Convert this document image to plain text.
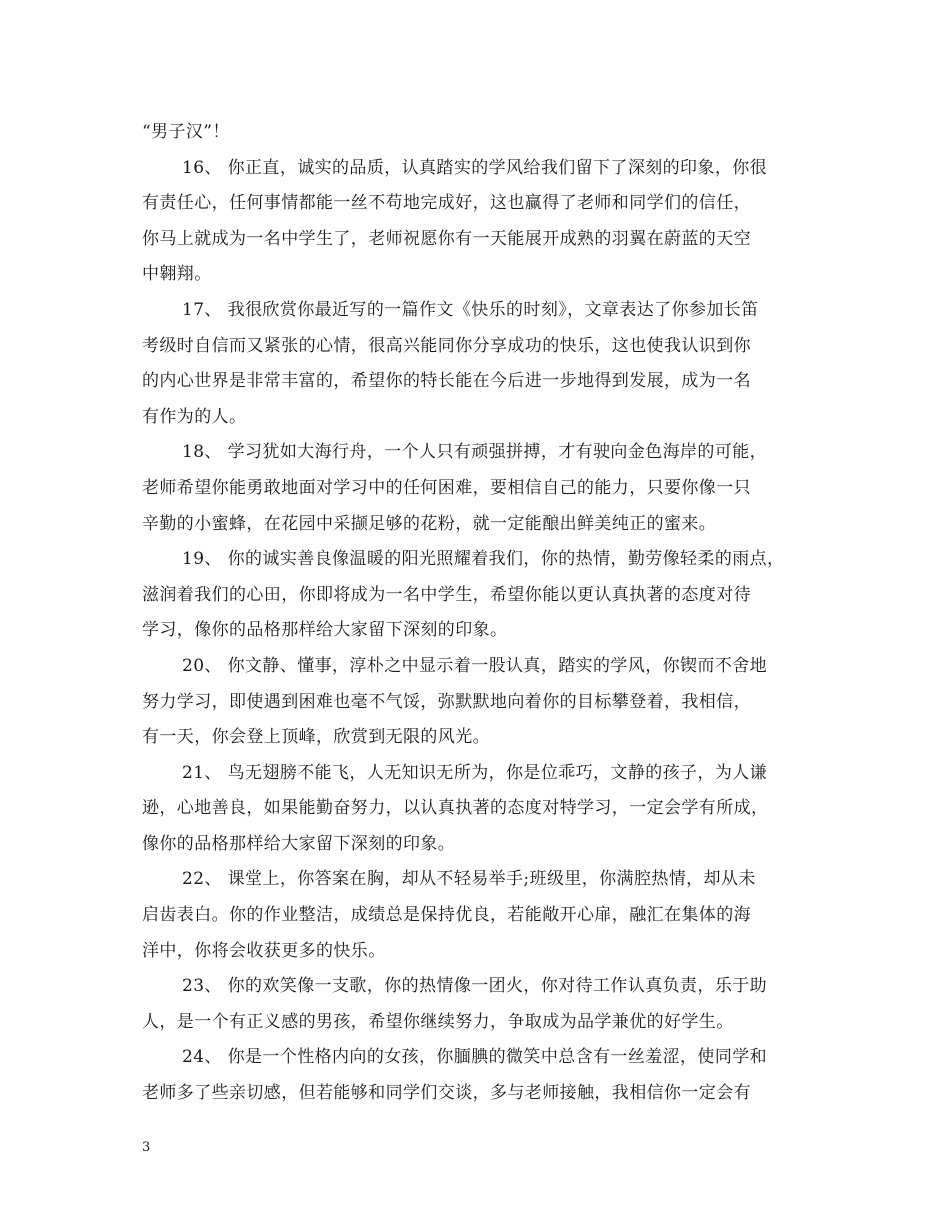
“男子汉”！

16、 你正直，诚实的品质，认真踏实的学风给我们留下了深刻的印象，你很
有责任心，任何事情都能一丝不苟地完成好，这也赢得了老师和同学们的信任，
你马上就成为一名中学生了，老师祝愿你有一天能展开成熟的羽翼在蔚蓝的天空
中翱翔。

17、 我很欣赏你最近写的一篇作文《快乐的时刻》，文章表达了你参加长笛
考级时自信而又紧张的心情，很高兴能同你分享成功的快乐，这也使我认识到你
的内心世界是非常丰富的，希望你的特长能在今后进一步地得到发展，成为一名
有作为的人。

18、 学习犹如大海行舟，一个人只有顽强拼搏，才有驶向金色海岸的可能，
老师希望你能勇敢地面对学习中的任何困难，要相信自己的能力，只要你像一只
辛勤的小蜜蜂，在花园中采撷足够的花粉，就一定能酿出鲜美纯正的蜜来。

19、 你的诚实善良像温暖的阳光照耀着我们，你的热情，勤劳像轻柔的雨点，
滋润着我们的心田，你即将成为一名中学生，希望你能以更认真执著的态度对待
学习，像你的品格那样给大家留下深刻的印象。

20、 你文静、懂事，淳朴之中显示着一股认真，踏实的学风，你锲而不舍地
努力学习，即使遇到困难也毫不气馁，弥默默地向着你的目标攀登着，我相信，
有一天，你会登上顶峰，欣赏到无限的风光。

21、 鸟无翅膀不能飞，人无知识无所为，你是位乖巧，文静的孩子，为人谦
逊，心地善良，如果能勤奋努力，以认真执著的态度对特学习，一定会学有所成，
像你的品格那样给大家留下深刻的印象。

22、 课堂上，你答案在胸，却从不轻易举手;班级里，你满腔热情，却从未
启齿表白。你的作业整洁，成绩总是保持优良，若能敞开心扉，融汇在集体的海
洋中，你将会收获更多的快乐。

23、 你的欢笑像一支歌，你的热情像一团火，你对待工作认真负责，乐于助
人，是一个有正义感的男孩，希望你继续努力，争取成为品学兼优的好学生。

24、 你是一个性格内向的女孩，你腼腆的微笑中总含有一丝羞涩，使同学和
老师多了些亲切感，但若能够和同学们交谈，多与老师接触，我相信你一定会有

3
